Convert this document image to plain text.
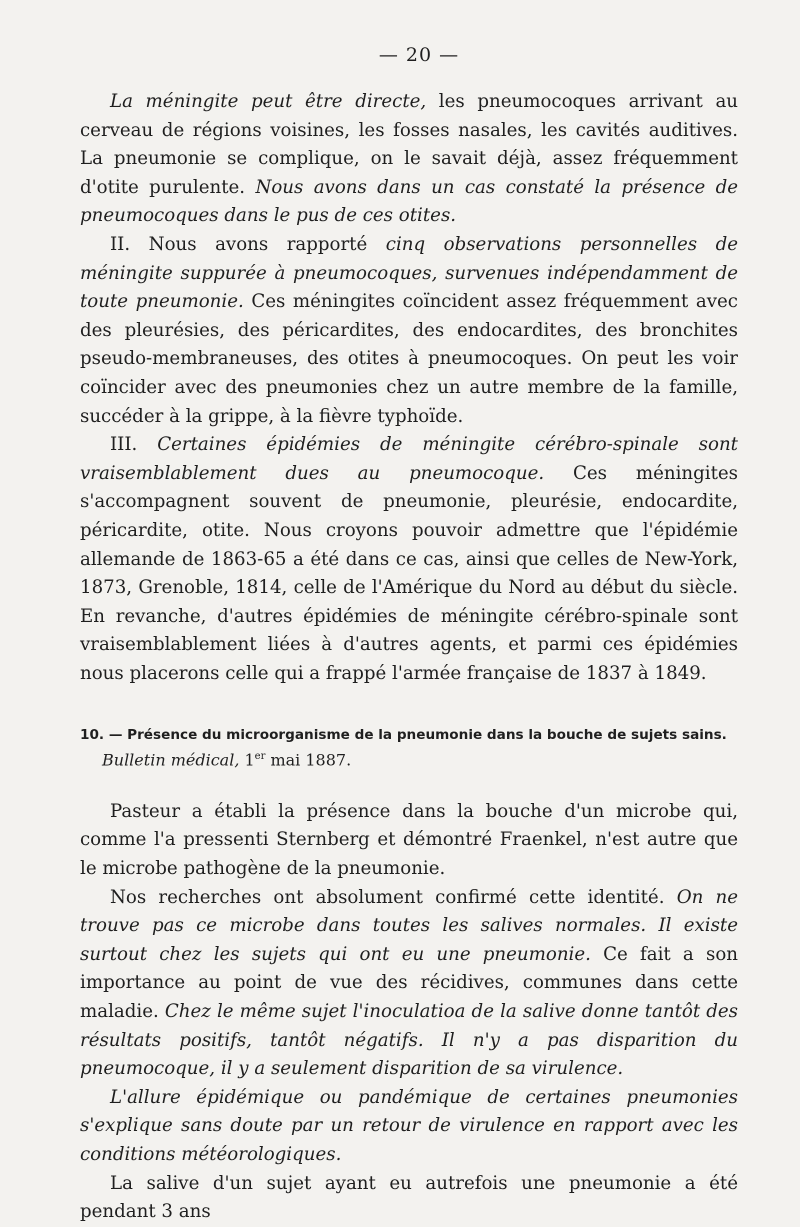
— 20 —

La méningite peut être directe, les pneumocoques arrivant au cerveau de régions voisines, les fosses nasales, les cavités auditives. La pneumonie se complique, on le savait déjà, assez fréquemment d'otite purulente. Nous avons dans un cas constaté la présence de pneumocoques dans le pus de ces otites.

II. Nous avons rapporté cinq observations personnelles de méningite suppurée à pneumocoques, survenues indépendamment de toute pneumonie. Ces méningites coïncident assez fréquemment avec des pleurésies, des péricardites, des endocardites, des bronchites pseudo-membraneuses, des otites à pneumocoques. On peut les voir coïncider avec des pneumonies chez un autre membre de la famille, succéder à la grippe, à la fièvre typhoïde.

III. Certaines épidémies de méningite cérébro-spinale sont vraisemblablement dues au pneumocoque. Ces méningites s'accompagnent souvent de pneumonie, pleurésie, endocardite, péricardite, otite. Nous croyons pouvoir admettre que l'épidémie allemande de 1863-65 a été dans ce cas, ainsi que celles de New-York, 1873, Grenoble, 1814, celle de l'Amérique du Nord au début du siècle. En revanche, d'autres épidémies de méningite cérébro-spinale sont vraisemblablement liées à d'autres agents, et parmi ces épidémies nous placerons celle qui a frappé l'armée française de 1837 à 1849.

10. — Présence du microorganisme de la pneumonie dans la bouche de sujets sains.
Bulletin médical, 1er mai 1887.

Pasteur a établi la présence dans la bouche d'un microbe qui, comme l'a pressenti Sternberg et démontré Fraenkel, n'est autre que le microbe pathogène de la pneumonie.

Nos recherches ont absolument confirmé cette identité. On ne trouve pas ce microbe dans toutes les salives normales. Il existe surtout chez les sujets qui ont eu une pneumonie. Ce fait a son importance au point de vue des récidives, communes dans cette maladie. Chez le même sujet l'inoculatioa de la salive donne tantôt des résultats positifs, tantôt négatifs. Il n'y a pas disparition du pneumocoque, il y a seulement disparition de sa virulence.

L'allure épidémique ou pandémique de certaines pneumonies s'explique sans doute par un retour de virulence en rapport avec les conditions météorologiques.

La salive d'un sujet ayant eu autrefois une pneumonie a été pendant 3 ans
